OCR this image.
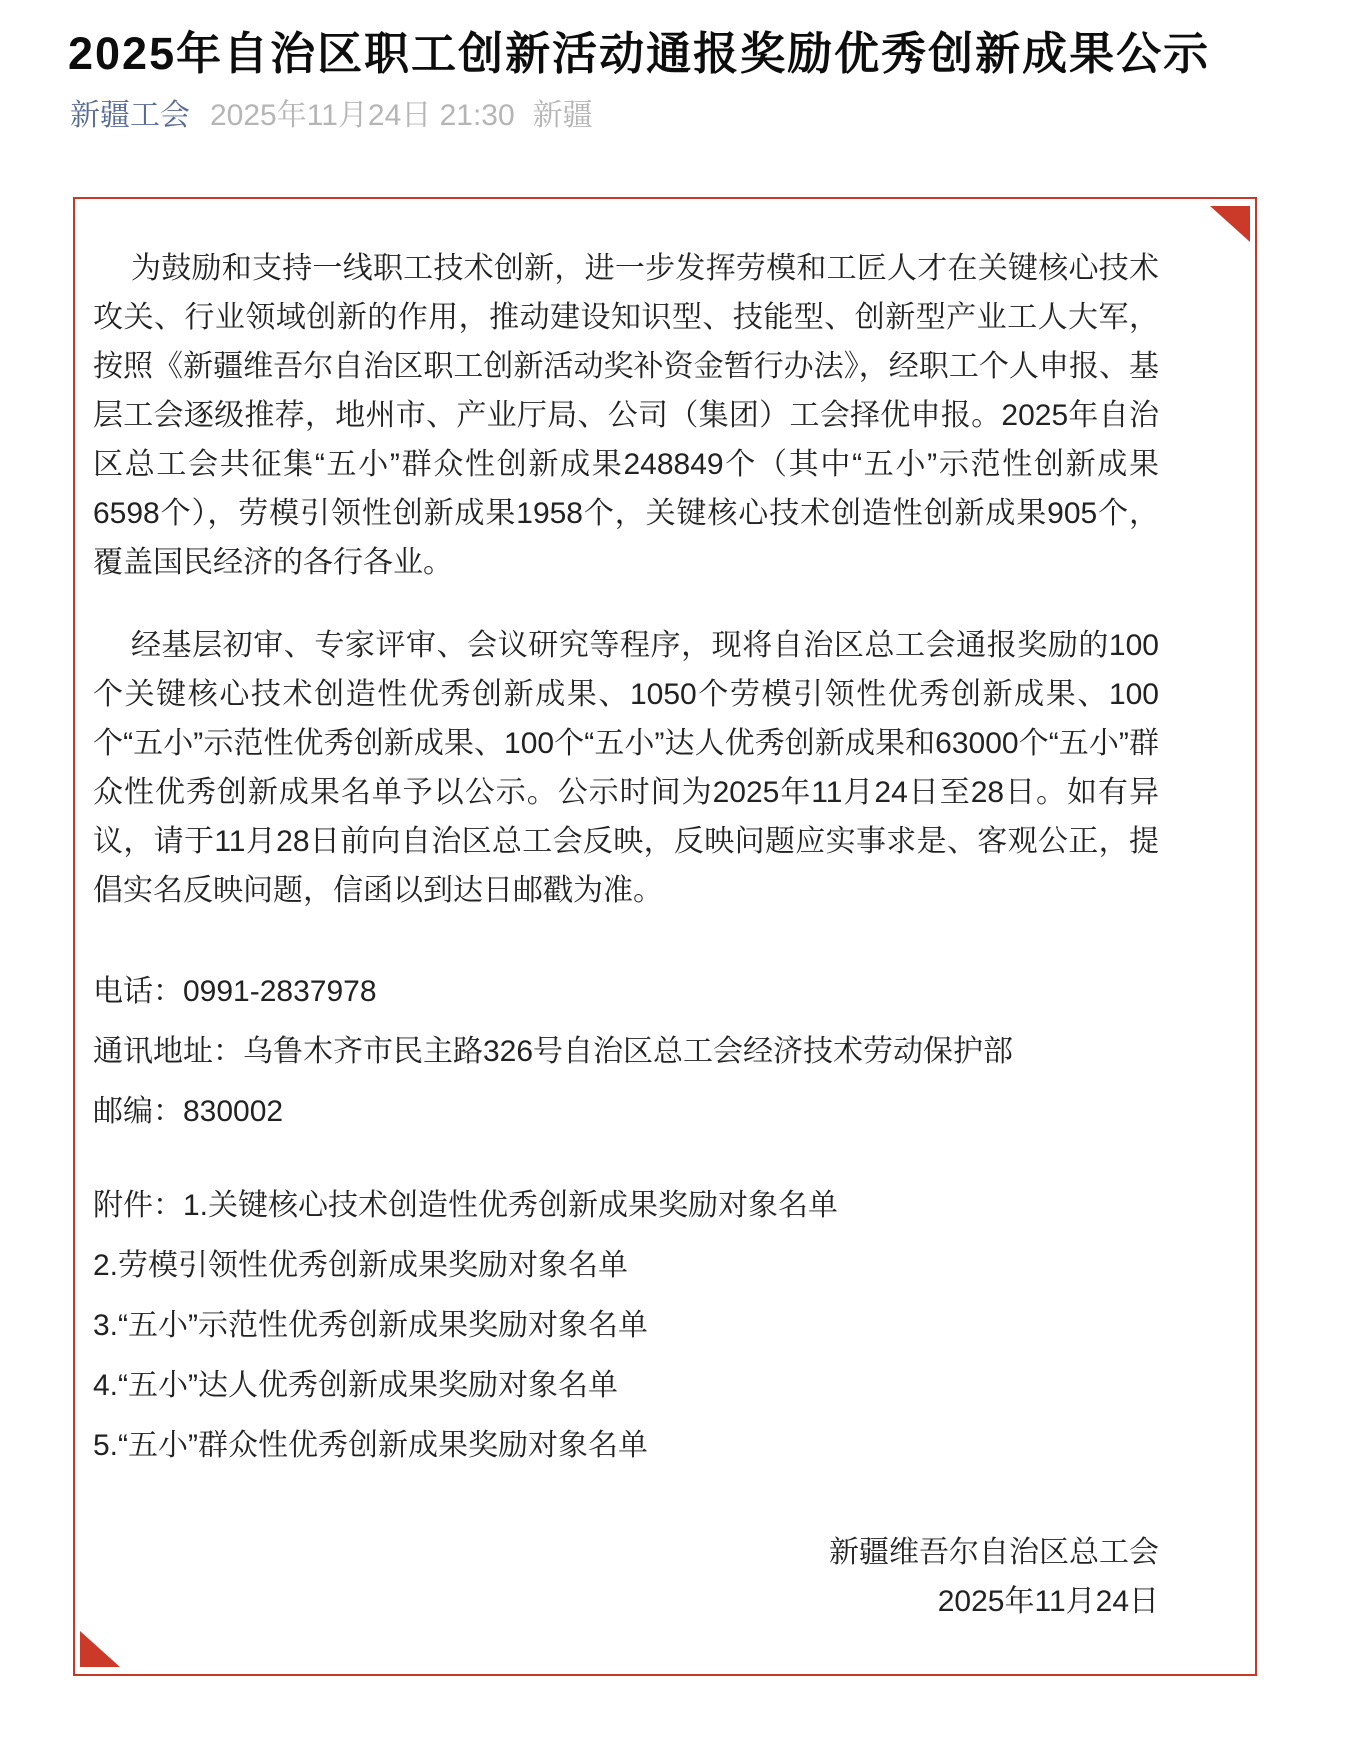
2025年自治区职工创新活动通报奖励优秀创新成果公示
新疆工会 2025年11月24日 21:30 新疆

为鼓励和支持一线职工技术创新，进一步发挥劳模和工匠人才在关键核心技术攻关、行业领域创新的作用，推动建设知识型、技能型、创新型产业工人大军，按照《新疆维吾尔自治区职工创新活动奖补资金暂行办法》，经职工个人申报、基层工会逐级推荐，地州市、产业厅局、公司（集团）工会择优申报。2025年自治区总工会共征集“五小”群众性创新成果248849个（其中“五小”示范性创新成果6598个），劳模引领性创新成果1958个，关键核心技术创造性创新成果905个，覆盖国民经济的各行各业。

经基层初审、专家评审、会议研究等程序，现将自治区总工会通报奖励的100个关键核心技术创造性优秀创新成果、1050个劳模引领性优秀创新成果、100个“五小”示范性优秀创新成果、100个“五小”达人优秀创新成果和63000个“五小”群众性优秀创新成果名单予以公示。公示时间为2025年11月24日至28日。如有异议，请于11月28日前向自治区总工会反映，反映问题应实事求是、客观公正，提倡实名反映问题，信函以到达日邮戳为准。

电话：0991-2837978

通讯地址：乌鲁木齐市民主路326号自治区总工会经济技术劳动保护部

邮编：830002

附件：1.关键核心技术创造性优秀创新成果奖励对象名单

2.劳模引领性优秀创新成果奖励对象名单

3.“五小”示范性优秀创新成果奖励对象名单

4.“五小”达人优秀创新成果奖励对象名单

5.“五小”群众性优秀创新成果奖励对象名单

新疆维吾尔自治区总工会

2025年11月24日
